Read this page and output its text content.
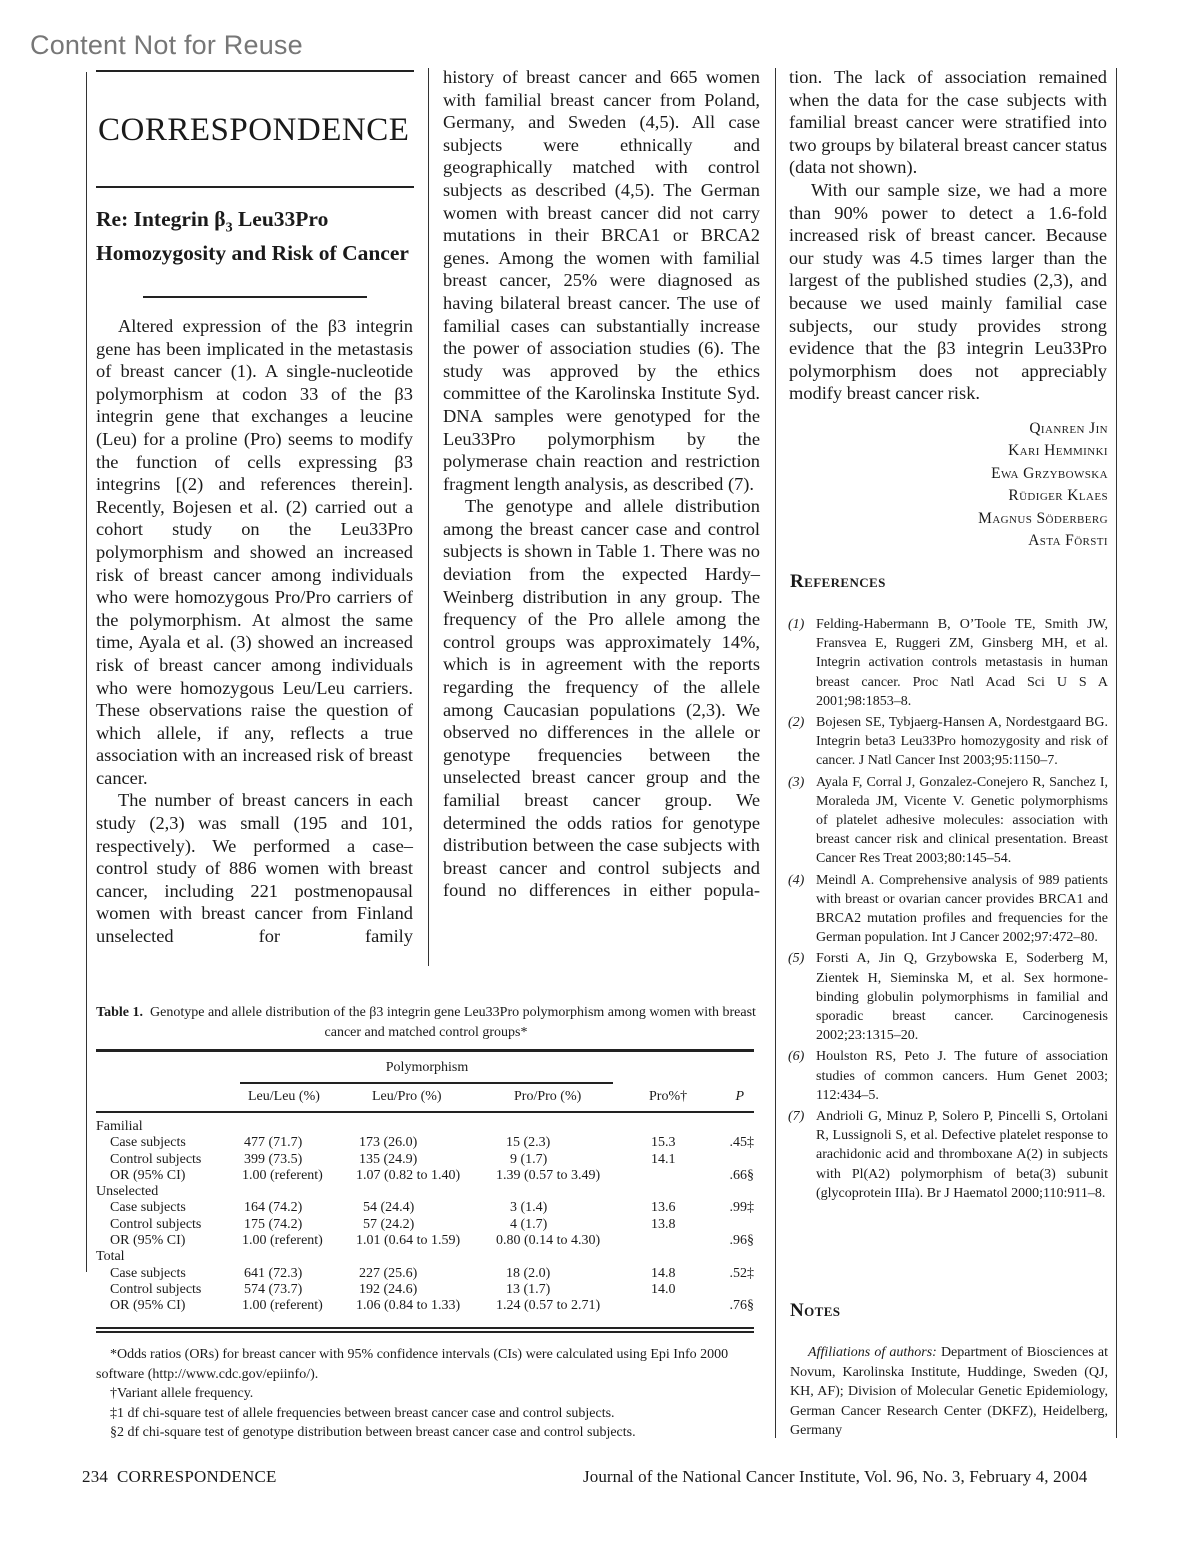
Content Not for Reuse
CORRESPONDENCE
Re: Integrin $\beta_3$ Leu33Pro Homozygosity and Risk of Cancer

Altered expression of the β3 integrin gene has been implicated in the metastasis of breast cancer (1). A single-nucleotide polymorphism at codon 33 of the β3 integrin gene that exchanges a leucine (Leu) for a proline (Pro) seems to modify the function of cells expressing β3 integrins [(2) and references therein]. Recently, Bojesen et al. (2) carried out a cohort study on the Leu33Pro polymorphism and showed an increased risk of breast cancer among individuals who were homozygous Pro/Pro carriers of the polymorphism. At almost the same time, Ayala et al. (3) showed an increased risk of breast cancer among individuals who were homozygous Leu/Leu carriers. These observations raise the question of which allele, if any, reflects a true association with an increased risk of breast cancer.

The number of breast cancers in each study (2,3) was small (195 and 101, respectively). We performed a case–control study of 886 women with breast cancer, including 221 postmenopausal women with breast cancer from Finland unselected for family

history of breast cancer and 665 women with familial breast cancer from Poland, Germany, and Sweden (4,5). All case subjects were ethnically and geographically matched with control subjects as described (4,5). The German women with breast cancer did not carry mutations in their BRCA1 or BRCA2 genes. Among the women with familial breast cancer, 25% were diagnosed as having bilateral breast cancer. The use of familial cases can substantially increase the power of association studies (6). The study was approved by the ethics committee of the Karolinska Institute Syd. DNA samples were genotyped for the Leu33Pro polymorphism by the polymerase chain reaction and restriction fragment length analysis, as described (7).

The genotype and allele distribution among the breast cancer case and control subjects is shown in Table 1. There was no deviation from the expected Hardy–Weinberg distribution in any group. The frequency of the Pro allele among the control groups was approximately 14%, which is in agreement with the reports regarding the frequency of the allele among Caucasian populations (2,3). We observed no differences in the allele or genotype frequencies between the unselected breast cancer group and the familial breast cancer group. We determined the odds ratios for genotype distribution between the case subjects with breast cancer and control subjects and found no differences in either popula-

tion. The lack of association remained when the data for the case subjects with familial breast cancer were stratified into two groups by bilateral breast cancer status (data not shown).

With our sample size, we had a more than 90% power to detect a 1.6-fold increased risk of breast cancer. Because our study was 4.5 times larger than the largest of the published studies (2,3), and because we used mainly familial case subjects, our study provides strong evidence that the β3 integrin Leu33Pro polymorphism does not appreciably modify breast cancer risk.

Qianren Jin
Kari Hemminki
Ewa Grzybowska
Rüdiger Klaes
Magnus Söderberg
Asta Försti
References
(1) Felding-Habermann B, O’Toole TE, Smith JW, Fransvea E, Ruggeri ZM, Ginsberg MH, et al. Integrin activation controls metastasis in human breast cancer. Proc Natl Acad Sci U S A 2001;98:1853–8.
(2) Bojesen SE, Tybjaerg-Hansen A, Nordestgaard BG. Integrin beta3 Leu33Pro homozygosity and risk of cancer. J Natl Cancer Inst 2003;95:1150–7.
(3) Ayala F, Corral J, Gonzalez-Conejero R, Sanchez I, Moraleda JM, Vicente V. Genetic polymorphisms of platelet adhesive molecules: association with breast cancer risk and clinical presentation. Breast Cancer Res Treat 2003;80:145–54.
(4) Meindl A. Comprehensive analysis of 989 patients with breast or ovarian cancer provides BRCA1 and BRCA2 mutation profiles and frequencies for the German population. Int J Cancer 2002;97:472–80.
(5) Forsti A, Jin Q, Grzybowska E, Soderberg M, Zientek H, Sieminska M, et al. Sex hormone-binding globulin polymorphisms in familial and sporadic breast cancer. Carcinogenesis 2002;23:1315–20.
(6) Houlston RS, Peto J. The future of association studies of common cancers. Hum Genet 2003; 112:434–5.
(7) Andrioli G, Minuz P, Solero P, Pincelli S, Ortolani R, Lussignoli S, et al. Defective platelet response to arachidonic acid and thromboxane A(2) in subjects with Pl(A2) polymorphism of beta(3) subunit (glycoprotein IIIa). Br J Haematol 2000;110:911–8.
Notes
Affiliations of authors: Department of Biosciences at Novum, Karolinska Institute, Huddinge, Sweden (QJ, KH, AF); Division of Molecular Genetic Epidemiology, German Cancer Research Center (DKFZ), Heidelberg, Germany
Table 1. Genotype and allele distribution of the β3 integrin gene Leu33Pro polymorphism among women with breast cancer and matched control groups*
	Polymorphism				
	Leu/Leu (%)	Leu/Pro (%)	Pro/Pro (%)	Pro%†	P
Familial					
Case subjects	477 (71.7)	173 (26.0)	15 (2.3)	15.3	.45‡
Control subjects	399 (73.5)	135 (24.9)	9 (1.7)	14.1	
OR (95% CI)	1.00 (referent)	1.07 (0.82 to 1.40)	1.39 (0.57 to 3.49)		.66§
Unselected					
Case subjects	164 (74.2)	54 (24.4)	3 (1.4)	13.6	.99‡
Control subjects	175 (74.2)	57 (24.2)	4 (1.7)	13.8	
OR (95% CI)	1.00 (referent)	1.01 (0.64 to 1.59)	0.80 (0.14 to 4.30)		.96§
Total					
Case subjects	641 (72.3)	227 (25.6)	18 (2.0)	14.8	.52‡
Control subjects	574 (73.7)	192 (24.6)	13 (1.7)	14.0	
OR (95% CI)	1.00 (referent)	1.06 (0.84 to 1.33)	1.24 (0.57 to 2.71)		.76§
*Odds ratios (ORs) for breast cancer with 95% confidence intervals (CIs) were calculated using Epi Info 2000 software (http://www.cdc.gov/epiinfo/).
†Variant allele frequency.
‡1 df chi-square test of allele frequencies between breast cancer case and control subjects.
§2 df chi-square test of genotype distribution between breast cancer case and control subjects.
234  CORRESPONDENCE	Journal of the National Cancer Institute, Vol. 96, No. 3, February 4, 2004
